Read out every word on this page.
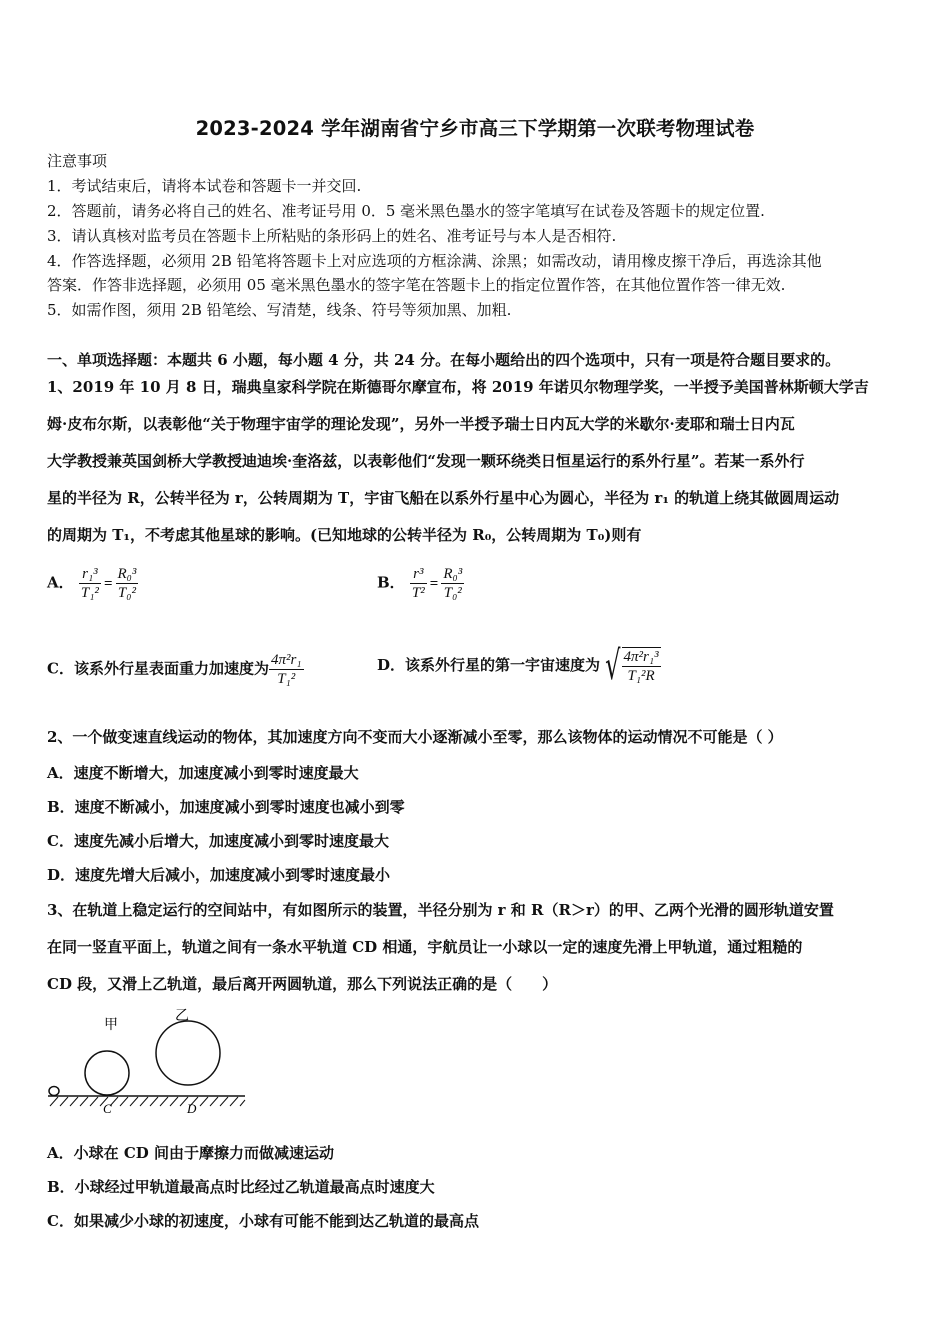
2023-2024 学年湖南省宁乡市高三下学期第一次联考物理试卷
注意事项
1．考试结束后，请将本试卷和答题卡一并交回.
2．答题前，请务必将自己的姓名、准考证号用 0．5 毫米黑色墨水的签字笔填写在试卷及答题卡的规定位置.
3．请认真核对监考员在答题卡上所粘贴的条形码上的姓名、准考证号与本人是否相符.
4．作答选择题，必须用 2B 铅笔将答题卡上对应选项的方框涂满、涂黑；如需改动，请用橡皮擦干净后，再选涂其他
答案．作答非选择题，必须用 05 毫米黑色墨水的签字笔在答题卡上的指定位置作答，在其他位置作答一律无效.
5．如需作图，须用 2B 铅笔绘、写清楚，线条、符号等须加黑、加粗.
一、单项选择题：本题共 6 小题，每小题 4 分，共 24 分。在每小题给出的四个选项中，只有一项是符合题目要求的。
1、2019 年 10 月 8 日，瑞典皇家科学院在斯德哥尔摩宣布，将 2019 年诺贝尔物理学奖，一半授予美国普林斯顿大学吉
姆·皮布尔斯，以表彰他“关于物理宇宙学的理论发现”，另外一半授予瑞士日内瓦大学的米歇尔·麦耶和瑞士日内瓦
大学教授兼英国剑桥大学教授迪迪埃·奎洛兹，以表彰他们“发现一颗环绕类日恒星运行的系外行星”。若某一系外行
星的半径为 R，公转半径为 r，公转周期为 T，宇宙飞船在以系外行星中心为圆心，半径为 r₁ 的轨道上绕其做圆周运动
的周期为 T₁，不考虑其他星球的影响。(已知地球的公转半径为 R₀，公转周期为 T₀)则有
A． $\frac{\text{r₁³}}{\text{T₁²}} = \frac{\text{R₀³}}{\text{T₀²}}$	B． $\frac{\text{r³}}{\text{T²}} = \frac{\text{R₀³}}{\text{T₀²}}$
C．该系外行星表面重力加速度为 $\frac{\text{4π²r₁}}{\text{T₁²}}$	D．该系外行星的第一宇宙速度为 √ $\frac{\text{4π²r₁³}}{\text{T₁²R}}$
2、一个做变速直线运动的物体，其加速度方向不变而大小逐渐减小至零，那么该物体的运动情况不可能是（ ）
A．速度不断增大，加速度减小到零时速度最大
B．速度不断减小，加速度减小到零时速度也减小到零
C．速度先减小后增大，加速度减小到零时速度最大
D．速度先增大后减小，加速度减小到零时速度最小
3、在轨道上稳定运行的空间站中，有如图所示的装置，半径分别为 r 和 R（R＞r）的甲、乙两个光滑的圆形轨道安置
在同一竖直平面上，轨道之间有一条水平轨道 CD 相通，宇航员让一小球以一定的速度先滑上甲轨道，通过粗糙的
CD 段，又滑上乙轨道，最后离开两圆轨道，那么下列说法正确的是（　　）
甲
乙
C	D
A．小球在 CD 间由于摩擦力而做减速运动
B．小球经过甲轨道最高点时比经过乙轨道最高点时速度大
C．如果减少小球的初速度，小球有可能不能到达乙轨道的最高点
